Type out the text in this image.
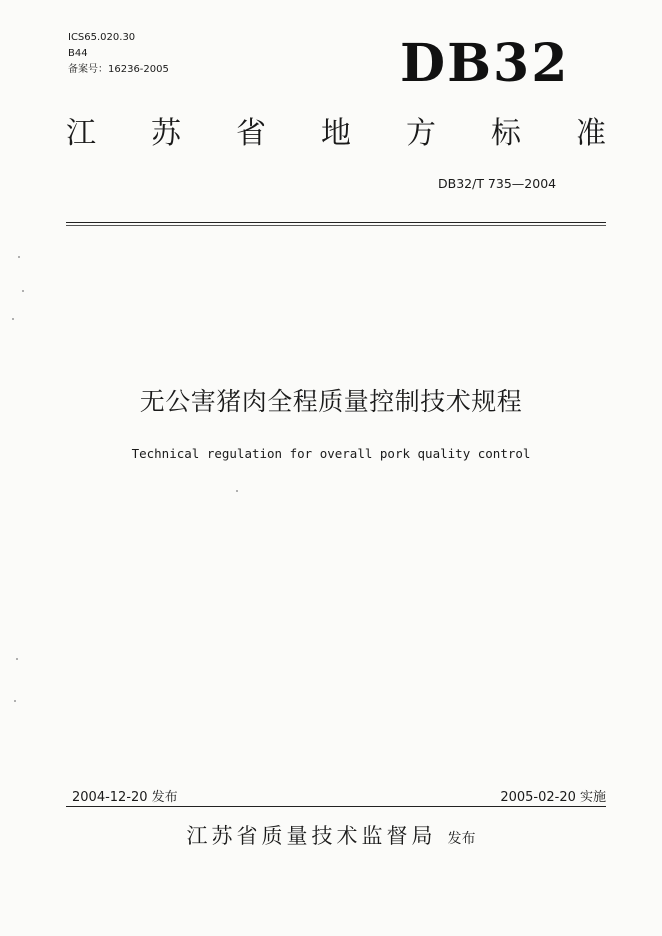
ICS65.020.30
B44
备案号：16236-2005	DB32
江 苏 省 地 方 标 准
DB32/T 735—2004
无公害猪肉全程质量控制技术规程
Technical regulation for overall pork quality control
2004-12-20 发布	2005-02-20 实施
江苏省质量技术监督局 发布
